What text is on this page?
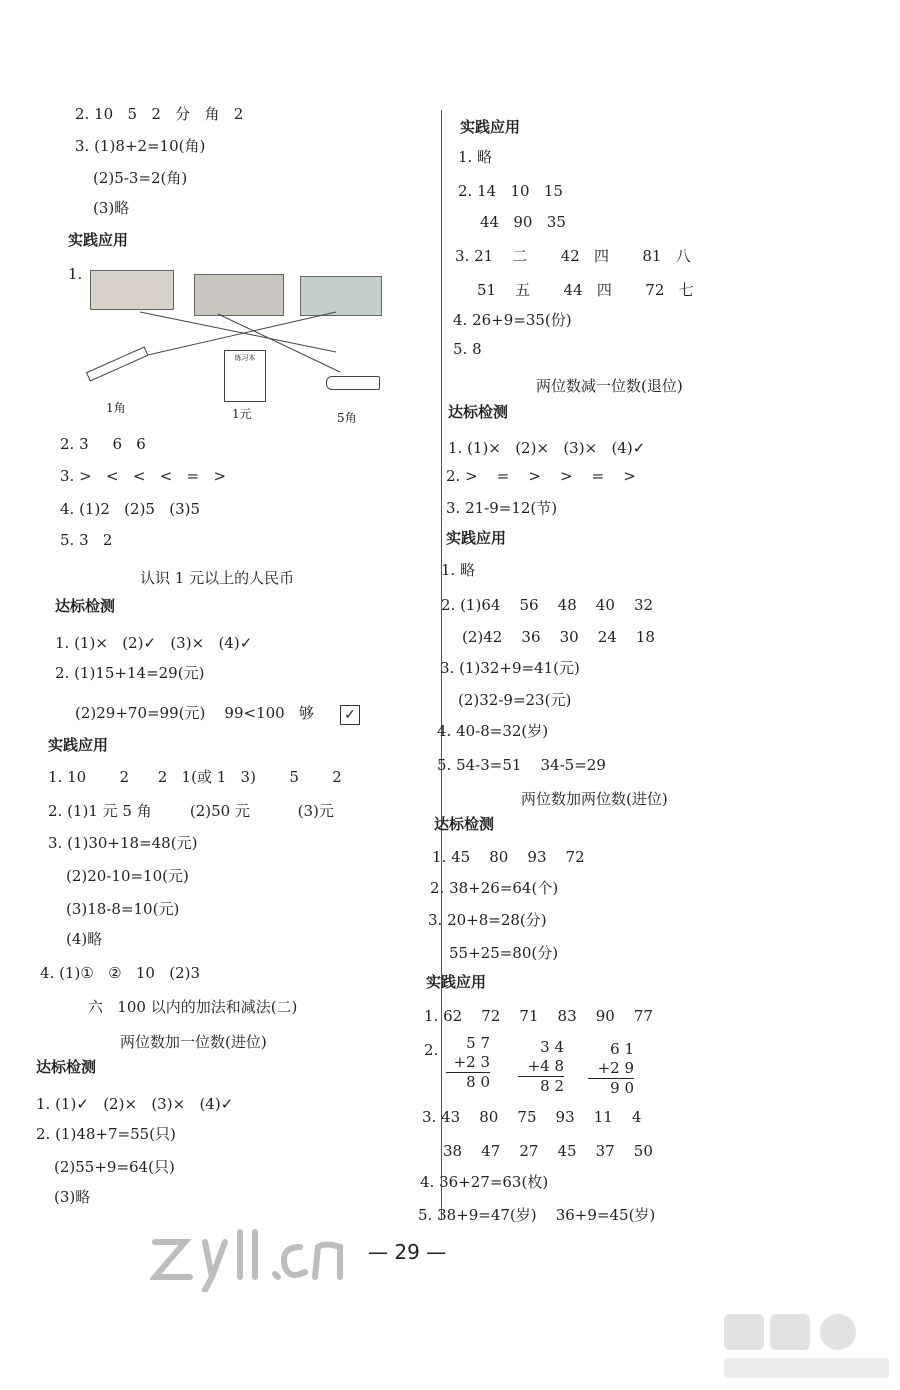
2. 10   5   2   分   角   2
3. (1)8+2=10(角)
(2)5-3=2(角)
(3)略
实践应用
1.
练习本
1角	1元	5角
2. 3     6   6
3. >   <   <   <   =   >
4. (1)2   (2)5   (3)5
5. 3   2
认识 1 元以上的人民币
达标检测
1. (1)×   (2)✓   (3)×   (4)✓
2. (1)15+14=29(元)
(2)29+70=99(元)    99<100   够 ✓
实践应用
1. 10       2      2   1(或 1   3)       5       2
2. (1)1 元 5 角        (2)50 元          (3)元
3. (1)30+18=48(元)
(2)20-10=10(元)
(3)18-8=10(元)
(4)略
4. (1)①   ②   10   (2)3
六   100 以内的加法和减法(二)
两位数加一位数(进位)
达标检测
1. (1)✓   (2)×   (3)×   (4)✓
2. (1)48+7=55(只)
(2)55+9=64(只)
(3)略
实践应用
1. 略
2. 14   10   15
44   90   35
3. 21    二       42   四       81   八
51    五       44   四       72   七
4. 26+9=35(份)
5. 8
两位数减一位数(退位)
达标检测
1. (1)×   (2)×   (3)×   (4)✓
2. >    =    >    >    =    >
3. 21-9=12(节)
实践应用
1. 略
2. (1)64    56    48    40    32
(2)42    36    30    24    18
3. (1)32+9=41(元)
(2)32-9=23(元)
4. 40-8=32(岁)
5. 54-3=51    34-5=29
两位数加两位数(进位)
达标检测
1. 45    80    93    72
2. 38+26=64(个)
3. 20+8=28(分)
55+25=80(分)
实践应用
1. 62    72    71    83    90    77
2.	5 7
+2 3
8 0
3 4
+4 8
8 2
6 1
+2 9
9 0
3. 43    80    75    93    11    4
38    47    27    45    37    50
4. 36+27=63(枚)
5. 38+9=47(岁)    36+9=45(岁)
— 29 —
